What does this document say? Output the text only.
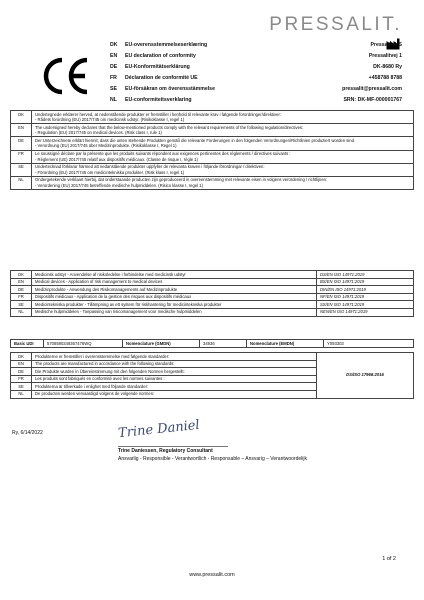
PRESSALIT.
DK EU-overensstemmelseserklæring
EN EU declaration of conformity
DE EU-Konformitätserklärung
FR Déclaration de conformité UE
SE EU-försäkran om överensstämmelse
NL EU-conformiteitsverklaring
Pressalit A/S
Pressalitvej 1
DK-8680 Ry
+458788 8788
pressalit@pressalit.com
SRN: DK-MF-000001767
DK	Undertegnede erklærer herved, at nedenstående produkter er fremstillet i henhold til relevante krav i følgende forordninger/direktiver:
- Rådets forordning (EU) 2017/745 om medicinsk udstyr. (Risikoklasse I, regel 1)
EN	The undersigned hereby declares that the below-mentioned products comply with the relevant requirements of the following regulation/directives:
- Regulation (EU) 2017/745 on medical devices. (Risk class I, rule 1)
DE	Der Unterzeichnete erklärt hiermit, dass die unten stehende Produkten gemäß die relevante Forderungen in den folgenden Verordnungen/Richtlinien produziert worden sind.
- Verordnung (EU) 2017/745 über Medizinprodukte. (Risikoklasse I, Regel 1)
FR	Le soussigné déclare par la présente que les produits suivants répondent aux exigences pertinentes des règlements / directives suivants :
- Règlement (UE) 2017/745 relatif aux dispositifs médicaux. (Classe de risque I, règle 1)
SE	Undertecknad förklarar härmed att nedanstående produkter uppfyller de relevanta kraven i följande förordningar / direktiven:
- Förordning (EU) 2017/745 om medicintekniska produkter. (Risk klass I, regel 1)
NL	Ondergetekende verklaart hierbij, dat onderstaande producten zijn geproduceerd in overeenstemming met relevante eisen in volgens verordening / richtlijnen:
- Verordening (EU) 2017/745 betreffende medische hulpmiddelen. (Risico klasse I, regel 1)
DK	Medicinsk udstyr - Anvendelse af risikoledelse i forbindelse med medicinsk udstyr	DS/EN ISO 14971:2019
EN	Medical devices - Application of risk management to medical devices	BS/EN ISO 14971:2019
DE	Medizinprodukte - Anwendung des Risikomanagements auf Medizinprodukte	DIN/EN ISO 14971:2019
FR	Dispositifs médicaux - Application de la gestion des risques aux dispositifs médicaux	NF/EN ISO 14971:2019
SE	Medicintekniska produkter - Tillämpning av ett system för riskhantering för medicintekniska produkter	SS/EN ISO 14971:2019
NL	Medische hulpmiddelen - Toepassing van risicomanagement voor medische hulpmiddelen	NEN/EN ISO 14971:2019
Basic UDI	5708590349367476WQ	Nomenclature (GMDN)	34936	Nomenclature (EMDN)	Y093303
DK	Produkterne er fremstillet i overensstemmelse med følgende standarder:	DS/ISO 17966:2016
EN	The products are manufactured in accordance with the following standards:	
DE	Die Produkte wurden in Übereinstimmung mit den folgenden Normen hergestellt:	
FR	Les produits sont fabriqués en conformité avec les normes suivantes :	
SE	Produkterna är tillverkade i enlighet med följande standarder:	
NL	De producten werden vervaardigd volgens de volgende normen:	
Ry, 6/14/2022	Trine Daniel
Trine Daniessen, Regulatory Consultant
Ansvarlig - Responsible - Verantwortlich - Responsable – Ansvarig – Verantwoordelijk
1 of 2
www.pressalit.com
